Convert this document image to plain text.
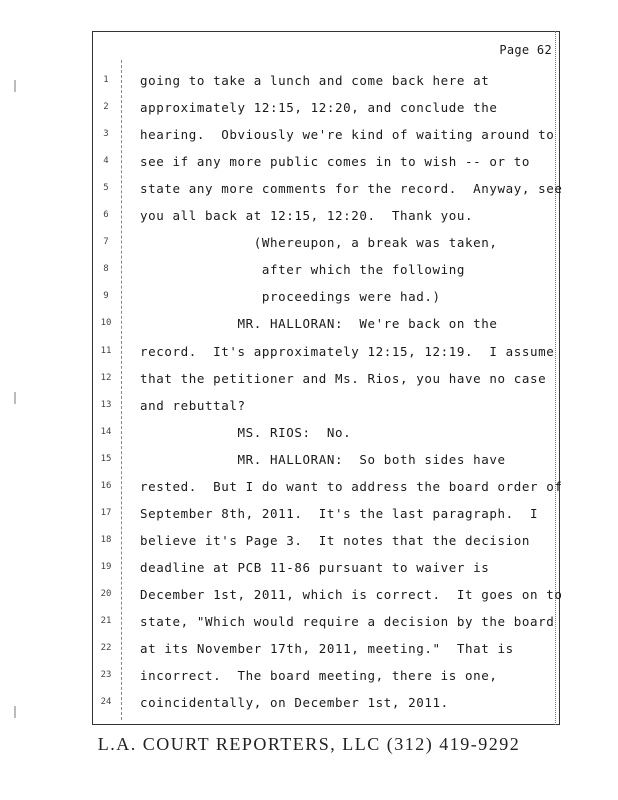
Page 62
1	going to take a lunch and come back here at
2	approximately 12:15, 12:20, and conclude the
3	hearing.  Obviously we're kind of waiting around to
4	see if any more public comes in to wish -- or to
5	state any more comments for the record.  Anyway, see
6	you all back at 12:15, 12:20.  Thank you.
7	(Whereupon, a break was taken,
8	after which the following
9	proceedings were had.)
10	MR. HALLORAN:  We're back on the
11	record.  It's approximately 12:15, 12:19.  I assume
12	that the petitioner and Ms. Rios, you have no case
13	and rebuttal?
14	MS. RIOS:  No.
15	MR. HALLORAN:  So both sides have
16	rested.  But I do want to address the board order of
17	September 8th, 2011.  It's the last paragraph.  I
18	believe it's Page 3.  It notes that the decision
19	deadline at PCB 11-86 pursuant to waiver is
20	December 1st, 2011, which is correct.  It goes on to
21	state, "Which would require a decision by the board
22	at its November 17th, 2011, meeting."  That is
23	incorrect.  The board meeting, there is one,
24	coincidentally, on December 1st, 2011.
L.A. COURT REPORTERS, LLC (312) 419-9292
